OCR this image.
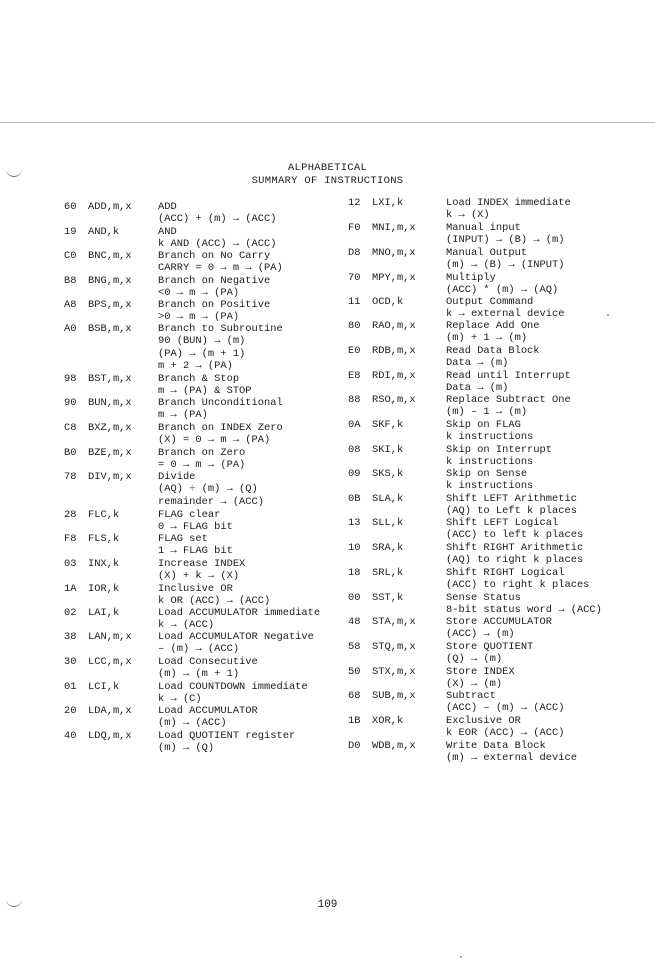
ALPHABETICAL
SUMMARY OF INSTRUCTIONS
60 ADD,m,x	ADD
(ACC) + (m) → (ACC)
19 AND,k	AND
k AND (ACC) → (ACC)
C0 BNC,m,x	Branch on No Carry
CARRY = 0 → m → (PA)
B8 BNG,m,x	Branch on Negative
<0 → m → (PA)
A8 BPS,m,x	Branch on Positive
>0 → m → (PA)
A0 BSB,m,x	Branch to Subroutine
90 (BUN) → (m)
(PA) → (m + 1)
m + 2 → (PA)
98 BST,m,x	Branch & Stop
m → (PA) & STOP
90 BUN,m,x	Branch Unconditional
m → (PA)
C8 BXZ,m,x	Branch on INDEX Zero
(X) = 0 → m → (PA)
B0 BZE,m,x	Branch on Zero
= 0 → m → (PA)
78 DIV,m,x	Divide
(AQ) ÷ (m) → (Q)
remainder → (ACC)
28 FLC,k	FLAG clear
0 → FLAG bit
F8 FLS,k	FLAG set
1 → FLAG bit
03 INX,k	Increase INDEX
(X) + k → (X)
1A IOR,k	Inclusive OR
k OR (ACC) → (ACC)
02 LAI,k	Load ACCUMULATOR immediate
k → (ACC)
38 LAN,m,x	Load ACCUMULATOR Negative
– (m) → (ACC)
30 LCC,m,x	Load Consecutive
(m) → (m + 1)
01 LCI,k	Load COUNTDOWN immediate
k → (C)
20 LDA,m,x	Load ACCUMULATOR
(m) → (ACC)
40 LDQ,m,x	Load QUOTIENT register
(m) → (Q)
12 LXI,k	Load INDEX immediate
k → (X)
F0 MNI,m,x	Manual input
(INPUT) → (B) → (m)
D8 MNO,m,x	Manual Output
(m) → (B) → (INPUT)
70 MPY,m,x	Multiply
(ACC) * (m) → (AQ)
11 OCD,k	Output Command
k → external device
80 RAO,m,x	Replace Add One
(m) + 1 → (m)
E0 RDB,m,x	Read Data Block
Data → (m)
E8 RDI,m,x	Read until Interrupt
Data → (m)
88 RSO,m,x	Replace Subtract One
(m) – 1 → (m)
0A SKF,k	Skip on FLAG
k instructions
08 SKI,k	Skip on Interrupt
k instructions
09 SKS,k	Skip on Sense
k instructions
0B SLA,k	Shift LEFT Arithmetic
(AQ) to Left k places
13 SLL,k	Shift LEFT Logical
(ACC) to left k places
10 SRA,k	Shift RIGHT Arithmetic
(AQ) to right k places
18 SRL,k	Shift RIGHT Logical
(ACC) to right k places
00 SST,k	Sense Status
8-bit status word → (ACC)
48 STA,m,x	Store ACCUMULATOR
(ACC) → (m)
58 STQ,m,x	Store QUOTIENT
(Q) → (m)
50 STX,m,x	Store INDEX
(X) → (m)
68 SUB,m,x	Subtract
(ACC) – (m) → (ACC)
1B XOR,k	Exclusive OR
k EOR (ACC) → (ACC)
D0 WDB,m,x	Write Data Block
(m) → external device
109
